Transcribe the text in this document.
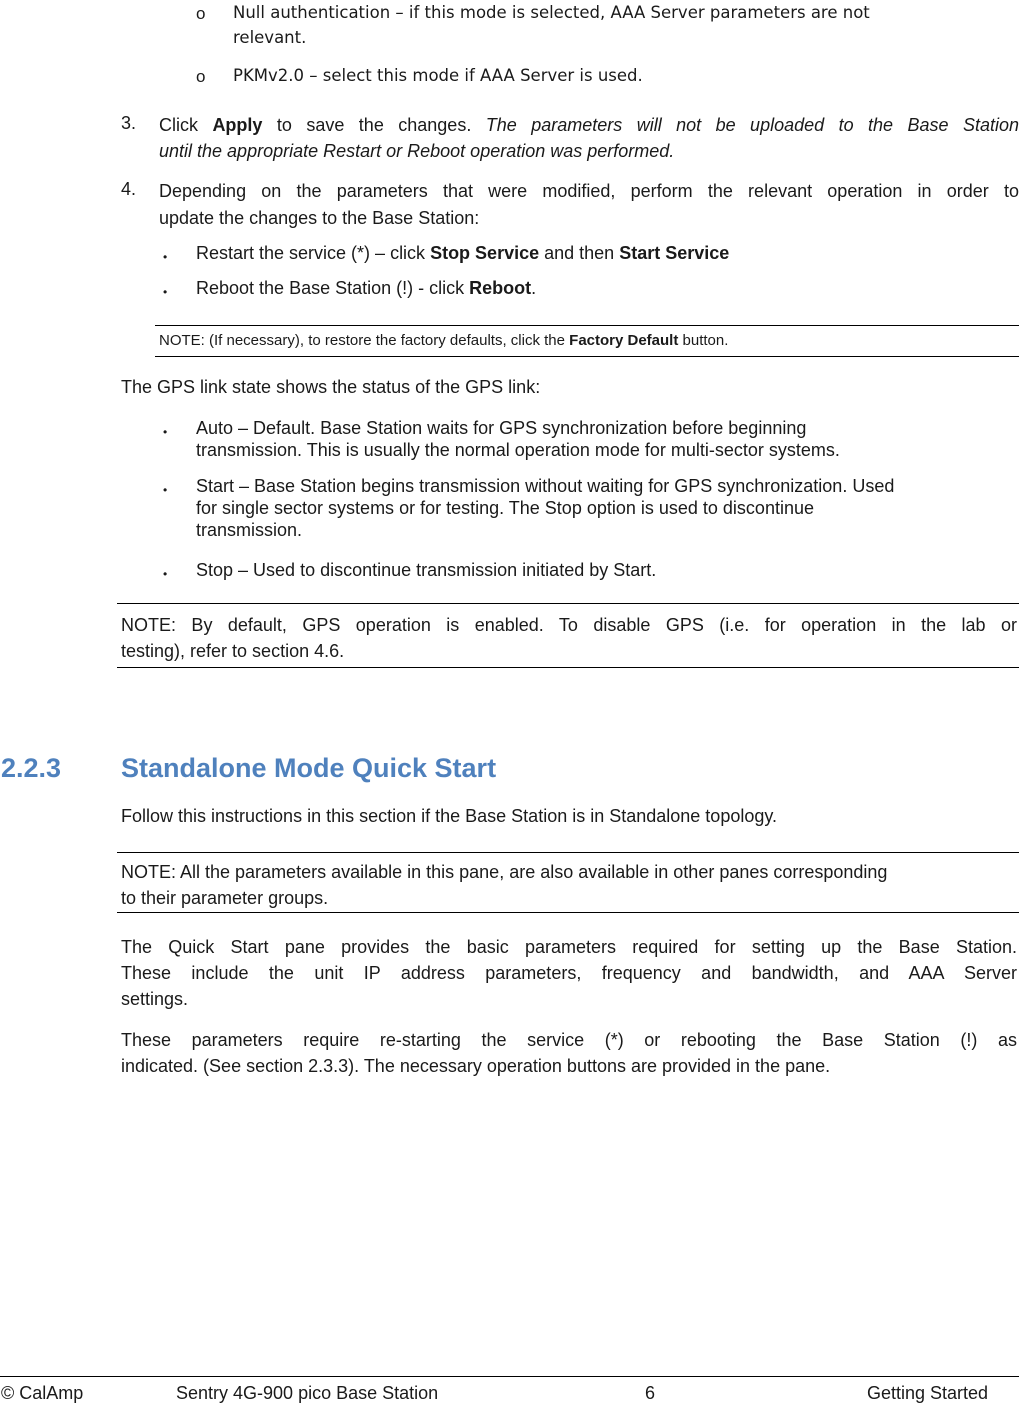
o Null authentication – if this mode is selected, AAA Server parameters are not
relevant.
o PKMv2.0 – select this mode if AAA Server is used.
3. Click Apply to save the changes. The parameters will not be uploaded to the Base Station
until the appropriate Restart or Reboot operation was performed.
4. Depending on the parameters that were modified, perform the relevant operation in order to
update the changes to the Base Station:
• Restart the service (*) – click Stop Service and then Start Service
• Reboot the Base Station (!) - click Reboot.
NOTE: (If necessary), to restore the factory defaults, click the Factory Default button.
The GPS link state shows the status of the GPS link:
• Auto – Default. Base Station waits for GPS synchronization before beginning
transmission. This is usually the normal operation mode for multi-sector systems.
• Start – Base Station begins transmission without waiting for GPS synchronization. Used
for single sector systems or for testing. The Stop option is used to discontinue
transmission.
• Stop – Used to discontinue transmission initiated by Start.
NOTE: By default, GPS operation is enabled. To disable GPS (i.e. for operation in the lab or
testing), refer to section 4.6.
2.2.3 Standalone Mode Quick Start
Follow this instructions in this section if the Base Station is in Standalone topology.
NOTE: All the parameters available in this pane, are also available in other panes corresponding
to their parameter groups.
The Quick Start pane provides the basic parameters required for setting up the Base Station.
These  include  the  unit  IP  address  parameters,  frequency  and  bandwidth,  and  AAA  Server
settings.
These  parameters  require  re-starting  the  service  (*)  or  rebooting  the  Base  Station  (!)  as
indicated. (See section 2.3.3). The necessary operation buttons are provided in the pane.
© CalAmp	Sentry 4G-900 pico Base Station	6	Getting Started
